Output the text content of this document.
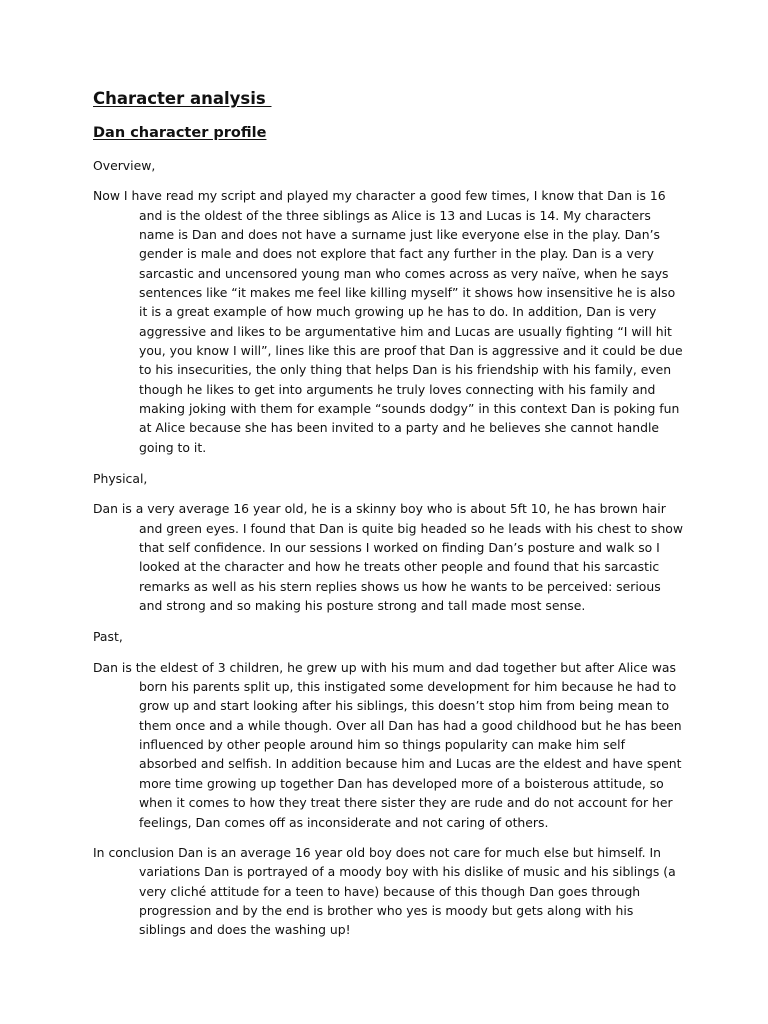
Character analysis
Dan character profile

Overview,

Now I have read my script and played my character a good few times, I know that Dan is 16 and is the oldest of the three siblings as Alice is 13 and Lucas is 14. My characters name is Dan and does not have a surname just like everyone else in the play. Dan’s gender is male and does not explore that fact any further in the play. Dan is a very sarcastic and uncensored young man who comes across as very naïve, when he says sentences like “it makes me feel like killing myself” it shows how insensitive he is also it is a great example of how much growing up he has to do. In addition, Dan is very aggressive and likes to be argumentative him and Lucas are usually fighting “I will hit you, you know I will”, lines like this are proof that Dan is aggressive and it could be due to his insecurities, the only thing that helps Dan is his friendship with his family, even though he likes to get into arguments he truly loves connecting with his family and making joking with them for example “sounds dodgy” in this context Dan is poking fun at Alice because she has been invited to a party and he believes she cannot handle going to it.

Physical,

Dan is a very average 16 year old, he is a skinny boy who is about 5ft 10, he has brown hair and green eyes. I found that Dan is quite big headed so he leads with his chest to show that self confidence. In our sessions I worked on finding Dan’s posture and walk so I looked at the character and how he treats other people and found that his sarcastic remarks as well as his stern replies shows us how he wants to be perceived: serious and strong and so making his posture strong and tall made most sense.

Past,

Dan is the eldest of 3 children, he grew up with his mum and dad together but after Alice was born his parents split up, this instigated some development for him because he had to grow up and start looking after his siblings, this doesn’t stop him from being mean to them once and a while though. Over all Dan has had a good childhood but he has been influenced by other people around him so things popularity can make him self absorbed and selfish. In addition because him and Lucas are the eldest and have spent more time growing up together Dan has developed more of a boisterous attitude, so when it comes to how they treat there sister they are rude and do not account for her feelings, Dan comes off as inconsiderate and not caring of others.

In conclusion Dan is an average 16 year old boy does not care for much else but himself. In variations Dan is portrayed of a moody boy with his dislike of music and his siblings (a very cliché attitude for a teen to have) because of this though Dan goes through progression and by the end is brother who yes is moody but gets along with his siblings and does the washing up!
